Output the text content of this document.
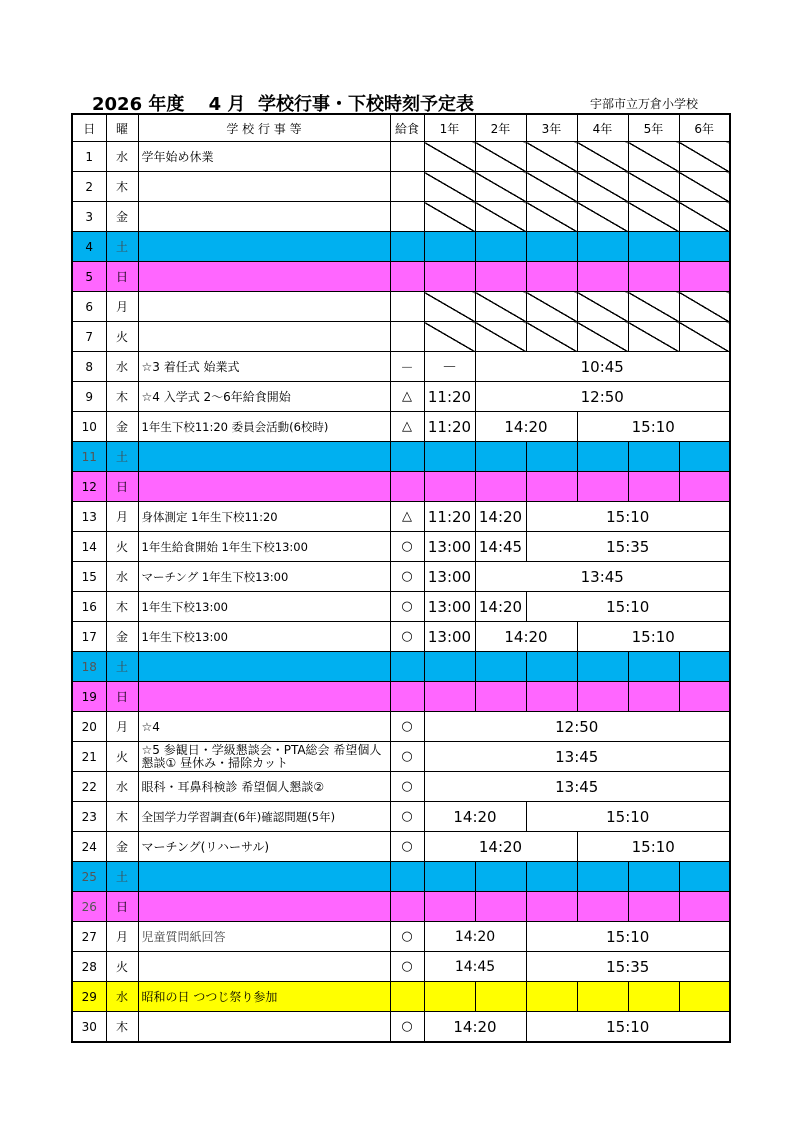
2026 年度　 4 月  学校行事・下校時刻予定表	宇部市立万倉小学校
日	曜	学 校 行 事 等	給食	1年	2年	3年	4年	5年	6年
1	水	学年始め休業							
2	木								
3	金								
4	土								
5	日								
6	月								
7	火								
8	水	☆3 着任式 始業式	－	－	10:45				
9	木	☆4 入学式 2～6年給食開始	△	11:20	12:50				
10	金	1年生下校11:20 委員会活動(6校時)	△	11:20	14:20		15:10		
11	土								
12	日								
13	月	身体測定 1年生下校11:20	△	11:20	14:20	15:10			
14	火	1年生給食開始 1年生下校13:00	○	13:00	14:45	15:35			
15	水	マーチング 1年生下校13:00	○	13:00	13:45				
16	木	1年生下校13:00	○	13:00	14:20	15:10			
17	金	1年生下校13:00	○	13:00	14:20		15:10		
18	土								
19	日								
20	月	☆4	○	12:50					
21	火	☆5 参観日・学級懇談会・PTA総会 希望個人懇談① 昼休み・掃除カット	○	13:45					
22	水	眼科・耳鼻科検診 希望個人懇談②	○	13:45					
23	木	全国学力学習調査(6年)確認問題(5年)	○	14:20		15:10			
24	金	マーチング(リハーサル)	○	14:20			15:10		
25	土								
26	日								
27	月	児童質問紙回答	○	14:20		15:10			
28	火		○	14:45		15:35			
29	水	昭和の日 つつじ祭り参加							
30	木		○	14:20		15:10			
